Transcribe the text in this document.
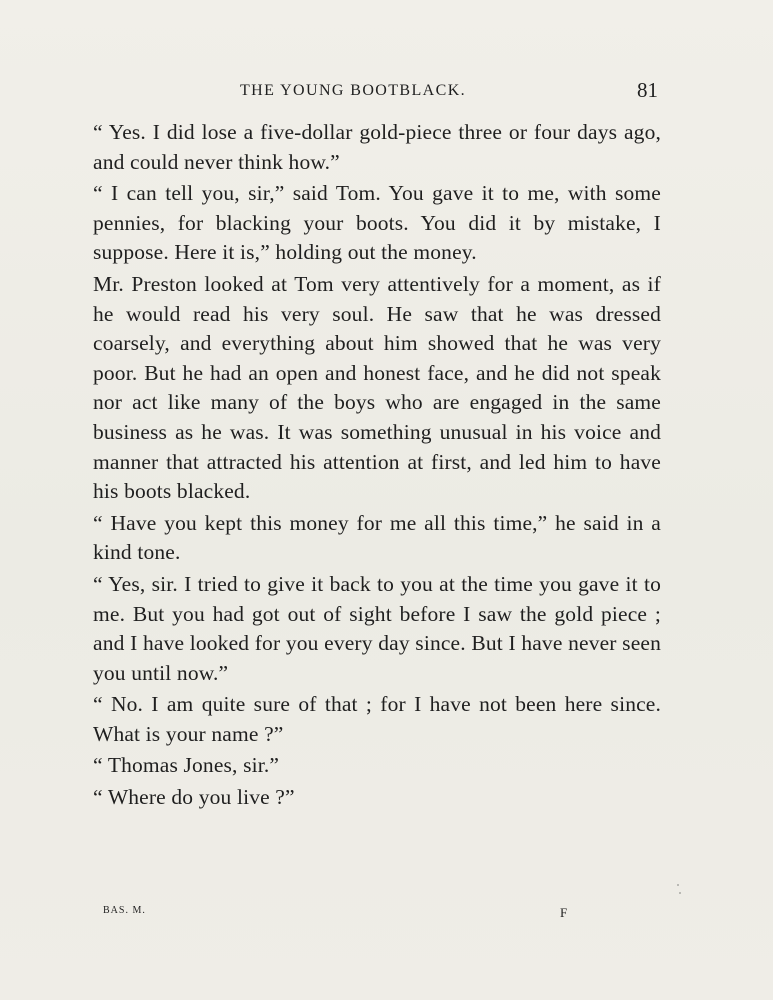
THE YOUNG BOOTBLACK.	81

“ Yes. I did lose a five-dollar gold-piece three or four days ago, and could never think how.”

“ I can tell you, sir,” said Tom. You gave it to me, with some pennies, for blacking your boots. You did it by mistake, I suppose. Here it is,” holding out the money.

Mr. Preston looked at Tom very attentively for a moment, as if he would read his very soul. He saw that he was dressed coarsely, and everything about him showed that he was very poor. But he had an open and honest face, and he did not speak nor act like many of the boys who are engaged in the same business as he was. It was something unusual in his voice and manner that attracted his attention at first, and led him to have his boots blacked.

“ Have you kept this money for me all this time,” he said in a kind tone.

“ Yes, sir. I tried to give it back to you at the time you gave it to me. But you had got out of sight before I saw the gold piece ; and I have looked for you every day since. But I have never seen you until now.”

“ No. I am quite sure of that ; for I have not been here since. What is your name ?”

“ Thomas Jones, sir.”

“ Where do you live ?”

BAS. M.	F
